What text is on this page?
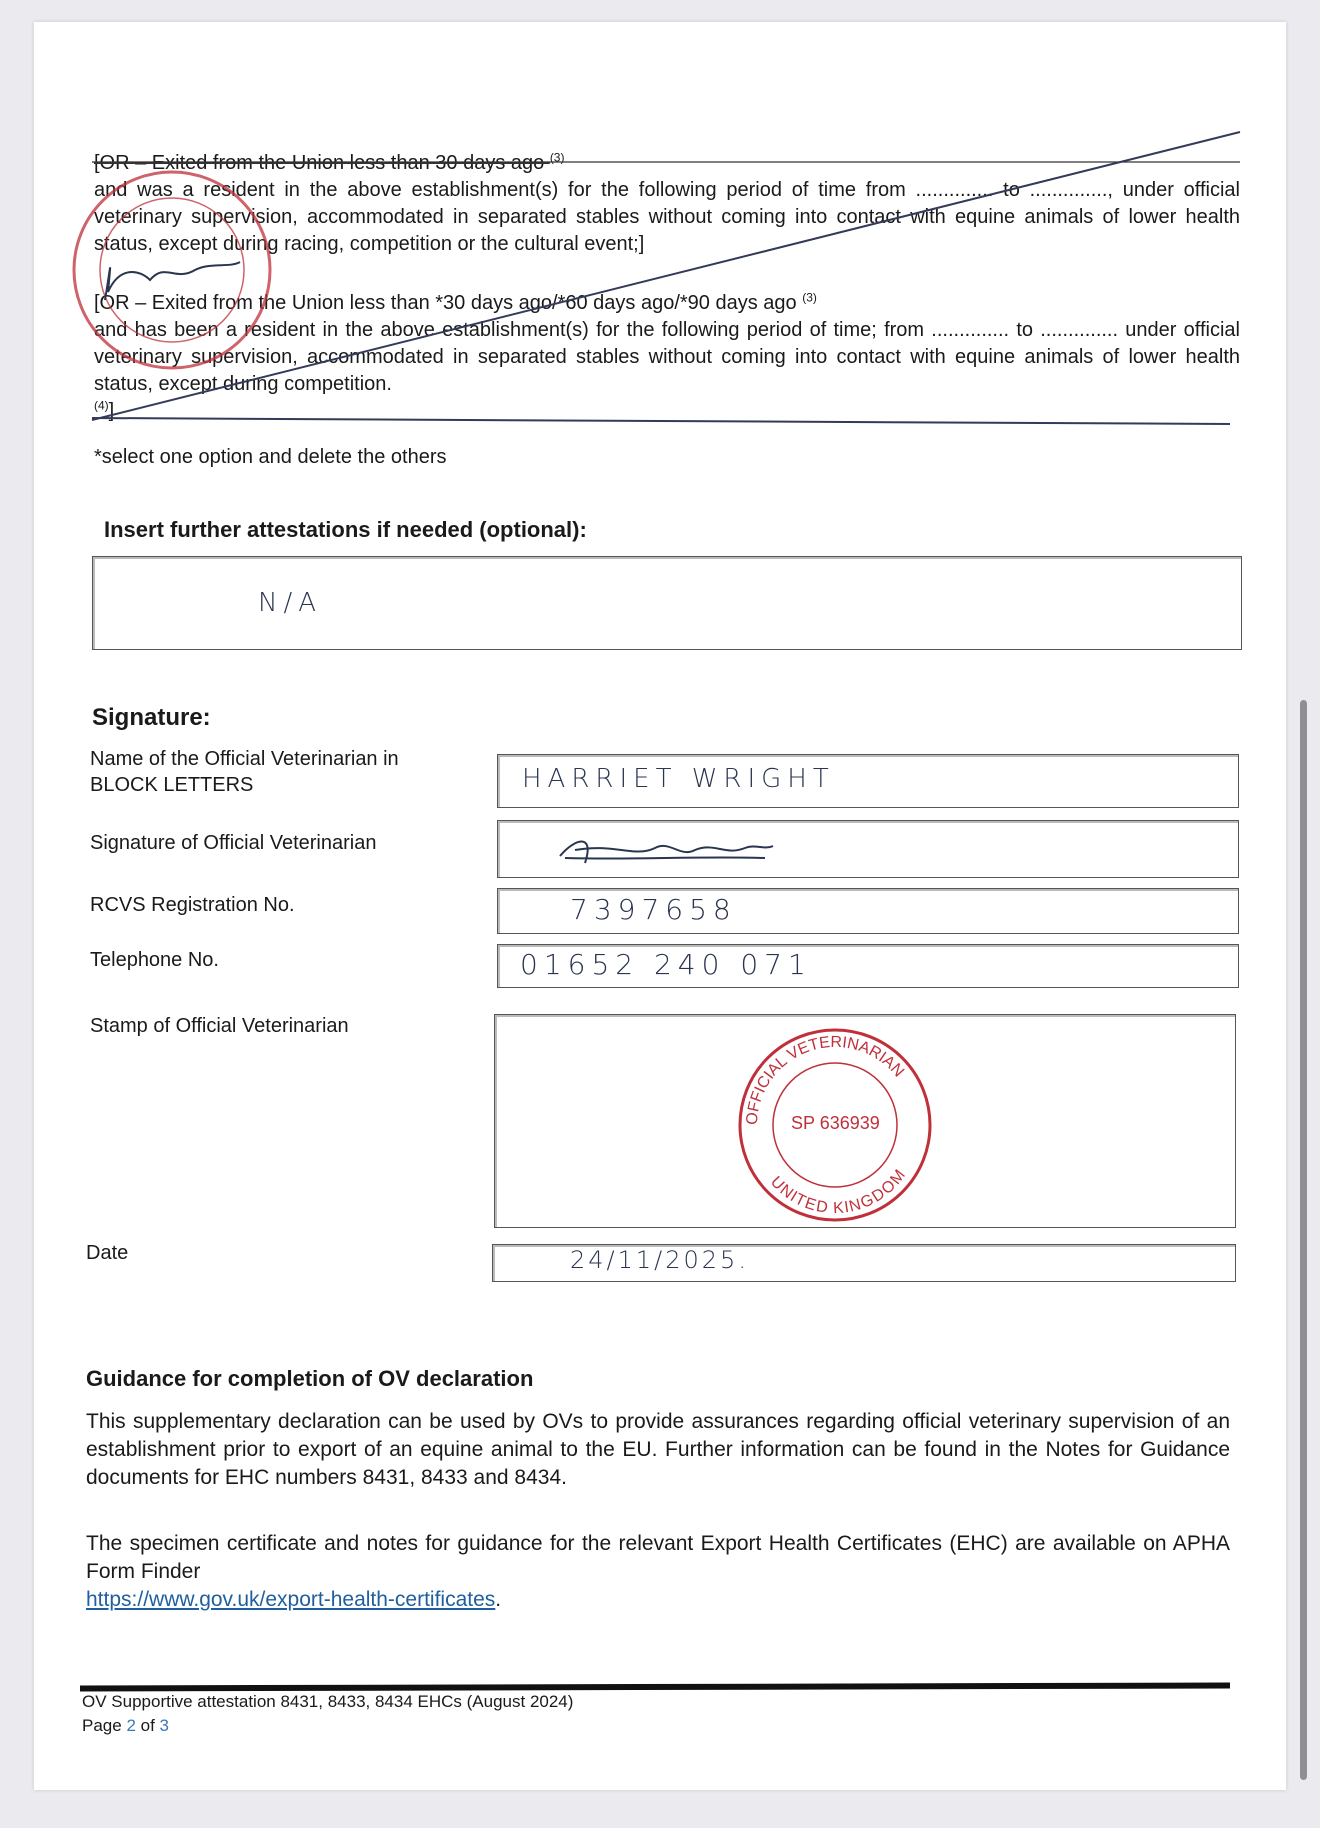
[OR – Exited from the Union less than 30 days ago $^{(3)}$
and was a resident in the above establishment(s) for the following period of time from .............. to .............., under official veterinary supervision, accommodated in separated stables without coming into contact with equine animals of lower health status, except during racing, competition or the cultural event;]
[OR – Exited from the Union less than *30 days ago/*60 days ago/*90 days ago $^{(3)}$
and has been a resident in the above establishment(s) for the following period of time; from .............. to .............. under official veterinary supervision, accommodated in separated stables without coming into contact with equine animals of lower health status, except during competition.
$^{(4)}$]
*select one option and delete the others
Insert further attestations if needed (optional):
N/A
Signature:
Name of the Official Veterinarian in BLOCK LETTERS	HARRIET WRIGHT
Signature of Official Veterinarian
RCVS Registration No.	7397658
Telephone No.	01652 240 071
Stamp of Official Veterinarian
OFFICIAL VETERINARIAN
UNITED KINGDOM
SP 636939
Date	24/11/2025.
Guidance for completion of OV declaration
This supplementary declaration can be used by OVs to provide assurances regarding official veterinary supervision of an establishment prior to export of an equine animal to the EU. Further information can be found in the Notes for Guidance documents for EHC numbers 8431, 8433 and 8434.
The specimen certificate and notes for guidance for the relevant Export Health Certificates (EHC) are available on APHA Form Finder
https://www.gov.uk/export-health-certificates.
OV Supportive attestation 8431, 8433, 8434 EHCs (August 2024)
Page 2 of 3
